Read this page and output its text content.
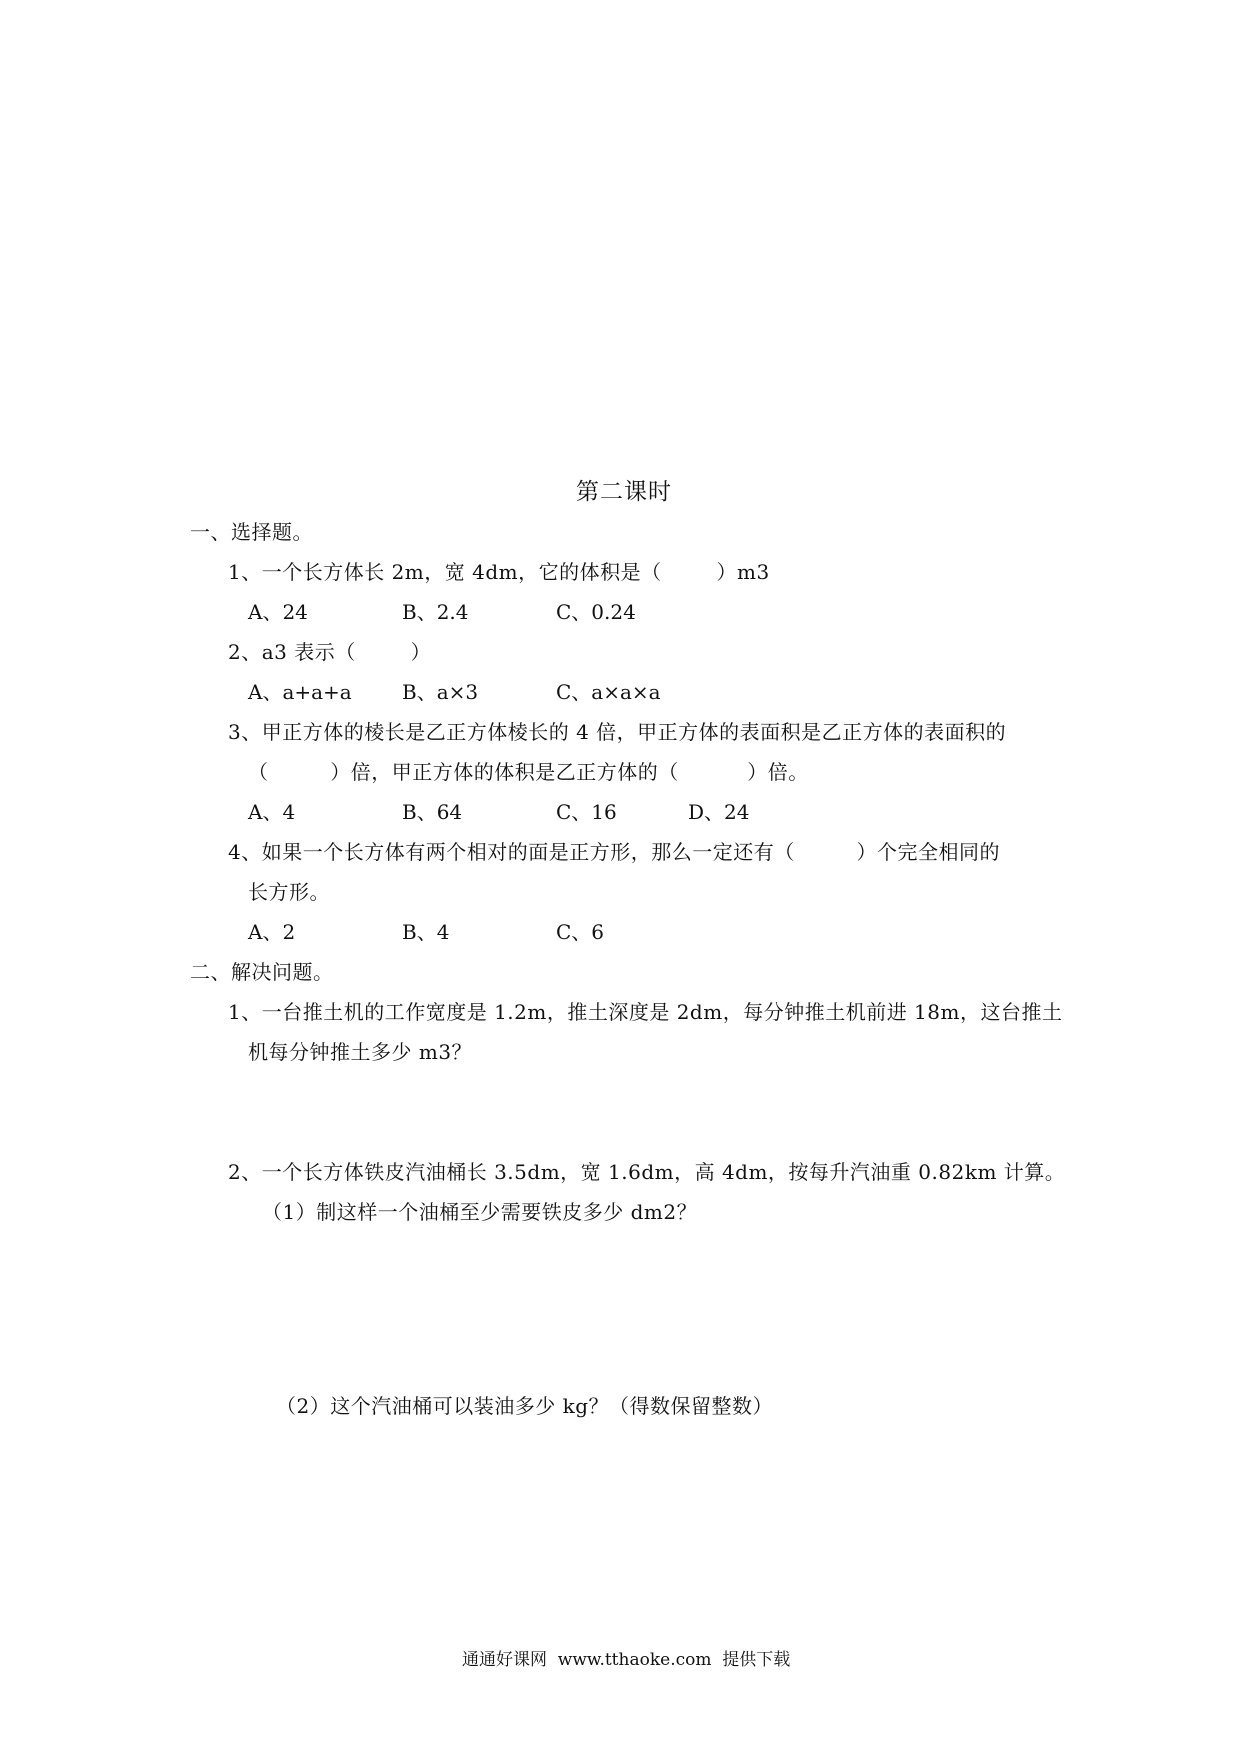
第二课时
一、选择题。
1、一个长方体长 2m，宽 4dm，它的体积是（        ）m3
A、24	B、2.4	C、0.24
2、a3 表示（        ）
A、a+a+a	B、a×3	C、a×a×a
3、甲正方体的棱长是乙正方体棱长的 4 倍，甲正方体的表面积是乙正方体的表面积的
（         ）倍，甲正方体的体积是乙正方体的（          ）倍。
A、4	B、64	C、16	D、24
4、如果一个长方体有两个相对的面是正方形，那么一定还有（         ）个完全相同的
长方形。
A、2	B、4	C、6
二、解决问题。
1、一台推土机的工作宽度是 1.2m，推土深度是 2dm，每分钟推土机前进 18m，这台推土
机每分钟推土多少 m3？
2、一个长方体铁皮汽油桶长 3.5dm，宽 1.6dm，高 4dm，按每升汽油重 0.82km 计算。
（1）制这样一个油桶至少需要铁皮多少 dm2？
（2）这个汽油桶可以装油多少 kg？（得数保留整数）
通通好课网  www.tthaoke.com  提供下载
